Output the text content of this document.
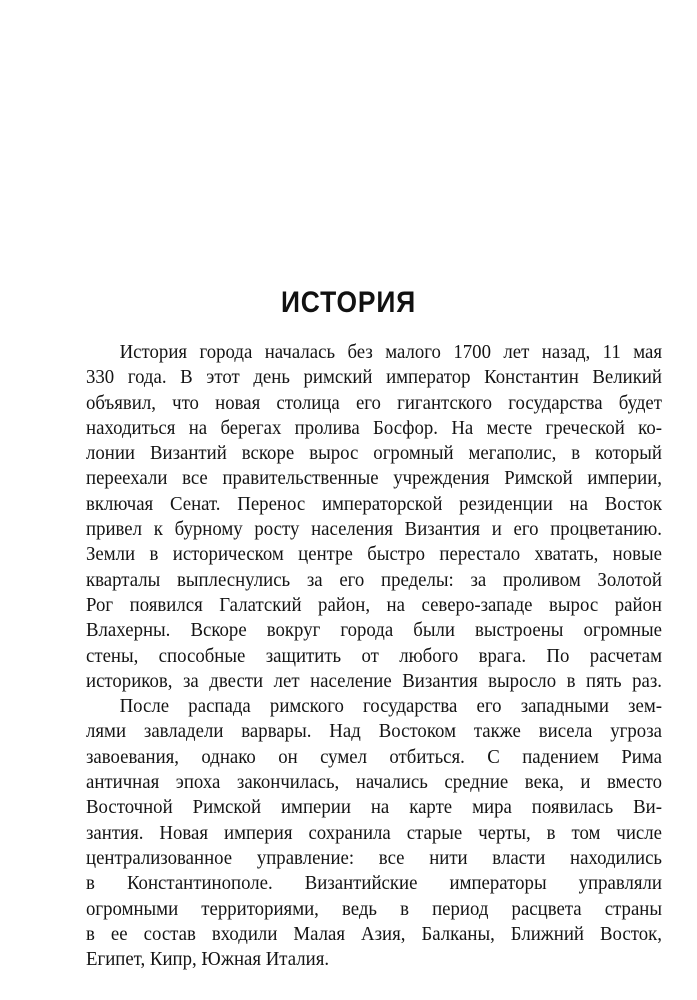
ИСТОРИЯ
История города началась без малого 1700 лет назад, 11 мая
330 года. В этот день римский император Константин Великий
объявил, что новая столица его гигантского государства будет
находиться на берегах пролива Босфор. На месте греческой ко-
лонии Византий вскоре вырос огромный мегаполис, в который
переехали все правительственные учреждения Римской империи,
включая Сенат. Перенос императорской резиденции на Восток
привел к бурному росту населения Византия и его процветанию.
Земли в историческом центре быстро перестало хватать, новые
кварталы выплеснулись за его пределы: за проливом Золотой
Рог появился Галатский район, на северо-западе вырос район
Влахерны. Вскоре вокруг города были выстроены огромные
стены, способные защитить от любого врага. По расчетам
историков, за двести лет население Византия выросло в пять раз.
После распада римского государства его западными зем-
лями завладели варвары. Над Востоком также висела угроза
завоевания, однако он сумел отбиться. С падением Рима
античная эпоха закончилась, начались средние века, и вместо
Восточной Римской империи на карте мира появилась Ви-
зантия. Новая империя сохранила старые черты, в том числе
централизованное управление: все нити власти находились
в Константинополе. Византийские императоры управляли
огромными территориями, ведь в период расцвета страны
в ее состав входили Малая Азия, Балканы, Ближний Восток,
Египет, Кипр, Южная Италия.
